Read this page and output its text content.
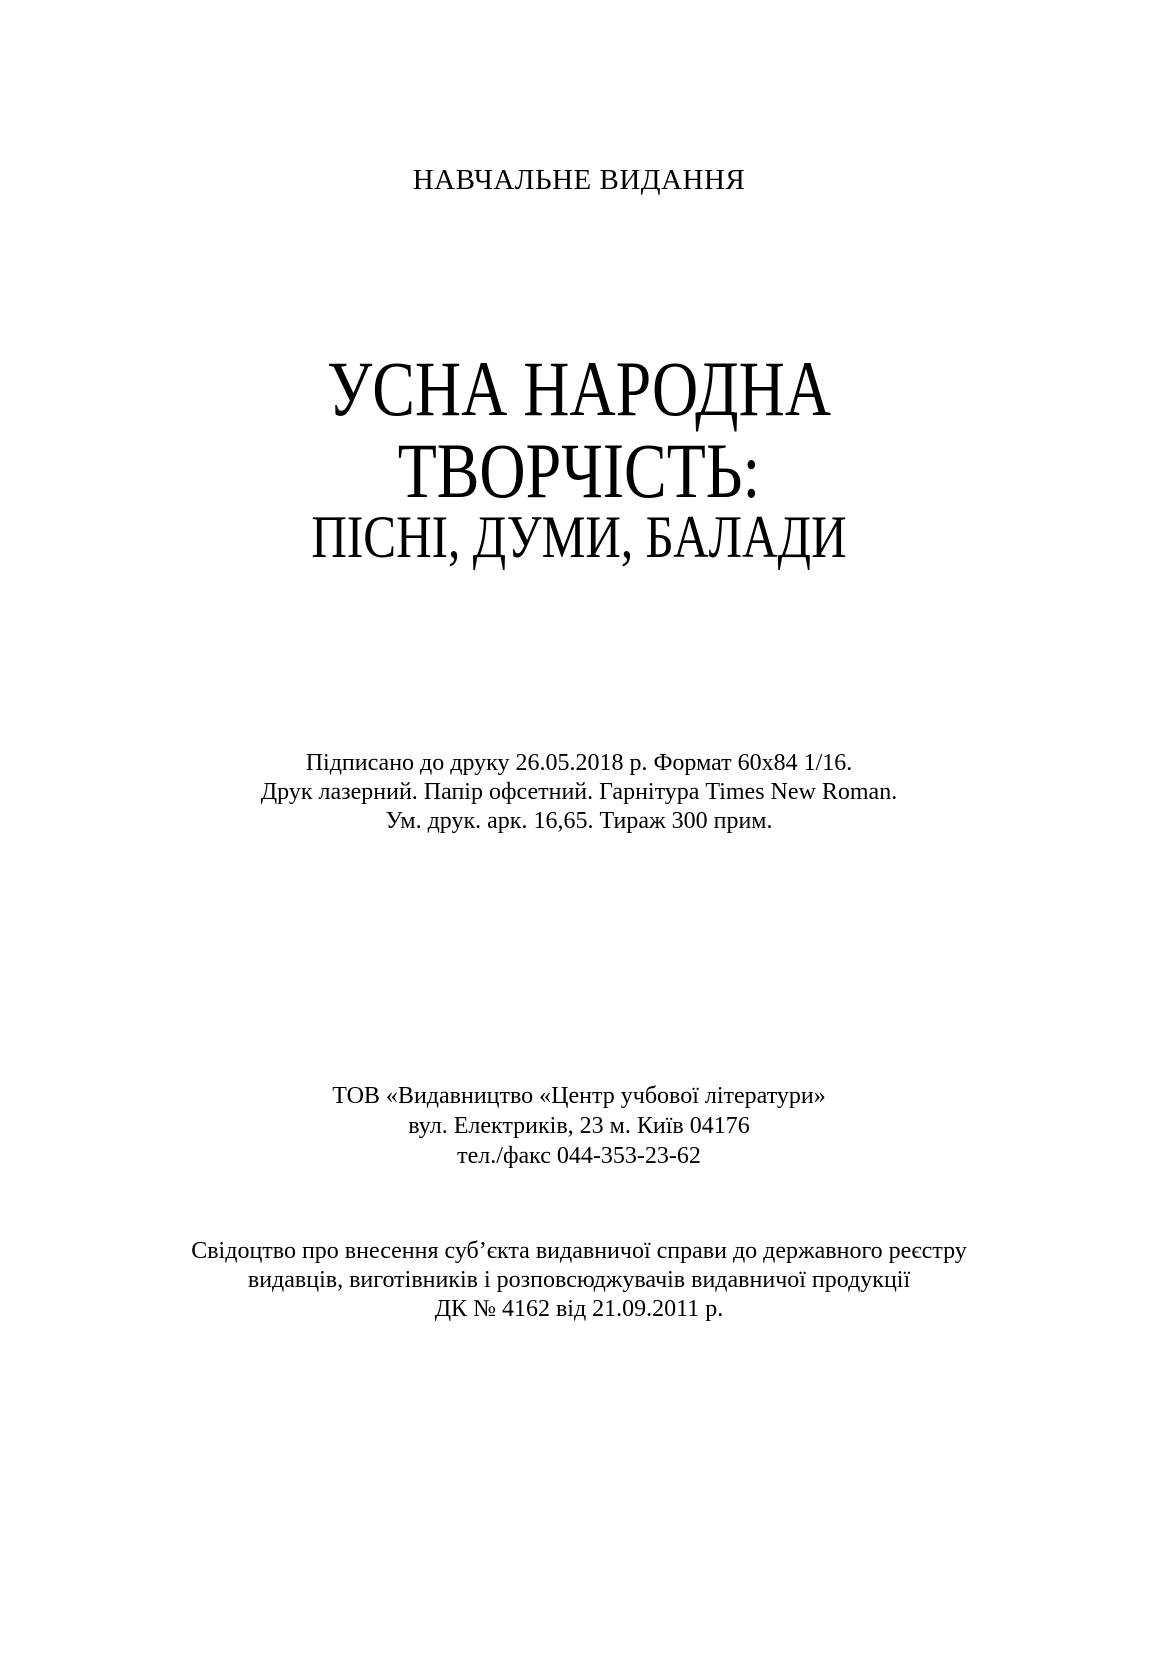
НАВЧАЛЬНЕ ВИДАННЯ
УСНА НАРОДНА
ТВОРЧІСТЬ:
ПІСНІ, ДУМИ, БАЛАДИ
Підписано до друку 26.05.2018 р. Формат 60х84 1/16.
Друк лазерний. Папір офсетний. Гарнітура Times New Roman.
Ум. друк. арк. 16,65. Тираж 300 прим.
ТОВ «Видавництво «Центр учбової літератури»
вул. Електриків, 23 м. Київ 04176
тел./факс 044-353-23-62
Свідоцтво про внесення суб’єкта видавничої справи до державного реєстру
видавців, виготівників і розповсюджувачів видавничої продукції
ДК № 4162 від 21.09.2011 р.
